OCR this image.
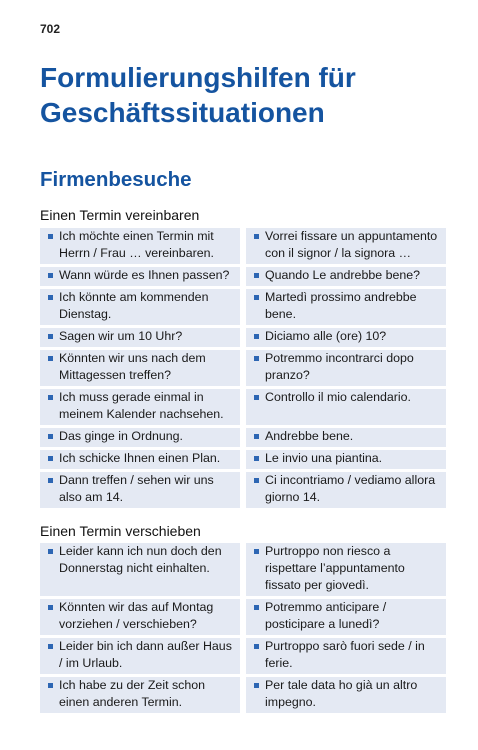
702
Formulierungshilfen für Geschäftssituationen
Firmenbesuche
Einen Termin vereinbaren
Ich möchte einen Termin mit Herrn / Frau … vereinbaren.	Vorrei fissare un appuntamento con il signor / la signora …

Wann würde es Ihnen passen?	Quando Le andrebbe bene?

Ich könnte am kommenden Dienstag.	Martedì prossimo andrebbe bene.

Sagen wir um 10 Uhr?	Diciamo alle (ore) 10?

Könnten wir uns nach dem Mittagessen treffen?	Potremmo incontrarci dopo pranzo?

Ich muss gerade einmal in meinem Kalender nachsehen.	Controllo il mio calendario.

Das ginge in Ordnung.	Andrebbe bene.

Ich schicke Ihnen einen Plan.	Le invio una piantina.

Dann treffen / sehen wir uns also am 14.	Ci incontriamo / vediamo allora giorno 14.
Einen Termin verschieben
Leider kann ich nun doch den Donnerstag nicht einhalten.	Purtroppo non riesco a rispettare l’appuntamento fissato per giovedì.

Könnten wir das auf Montag vorziehen / verschieben?	Potremmo anticipare / posticipare a lunedì?

Leider bin ich dann außer Haus / im Urlaub.	Purtroppo sarò fuori sede / in ferie.

Ich habe zu der Zeit schon einen anderen Termin.	Per tale data ho già un altro impegno.
